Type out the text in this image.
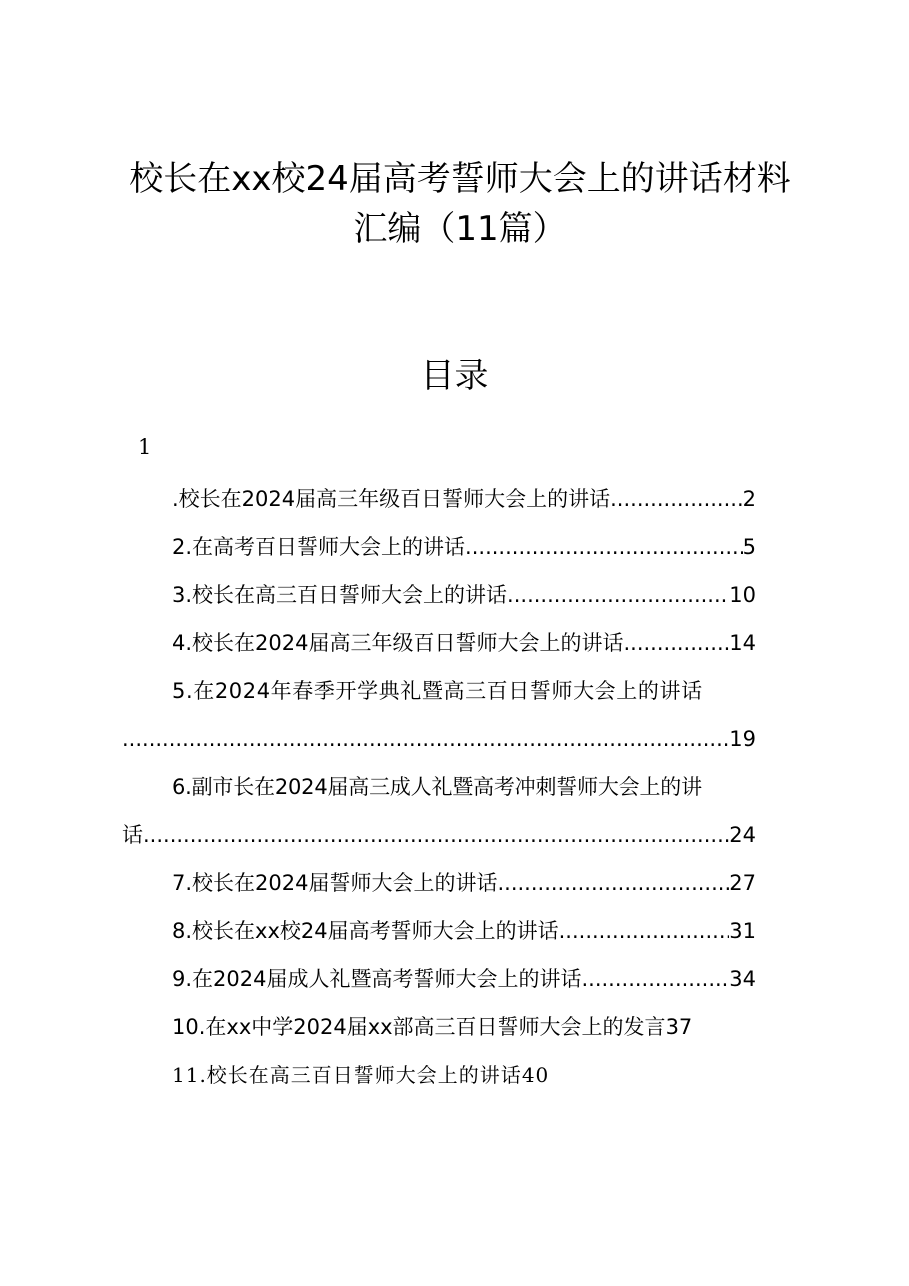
校长在xx校24届高考誓师大会上的讲话材料
汇编（11篇）
目录
1
.校长在2024届高三年级百日誓师大会上的讲话 .....	2
2.在高考百日誓师大会上的讲话 .....	5
3.校长在高三百日誓师大会上的讲话 .....	10
4.校长在2024届高三年级百日誓师大会上的讲话 .....	14
5.在2024年春季开学典礼暨高三百日誓师大会上的讲话
.....
19
6.副市长在2024届高三成人礼暨高考冲刺誓师大会上的讲
话 .....	24
7.校长在2024届誓师大会上的讲话 .....	27
8.校长在xx校24届高考誓师大会上的讲话 .....	31
9.在2024届成人礼暨高考誓师大会上的讲话 .....	34
10.在xx中学2024届xx部高三百日誓师大会上的发言 37
11.校长在高三百日誓师大会上的讲话 40
